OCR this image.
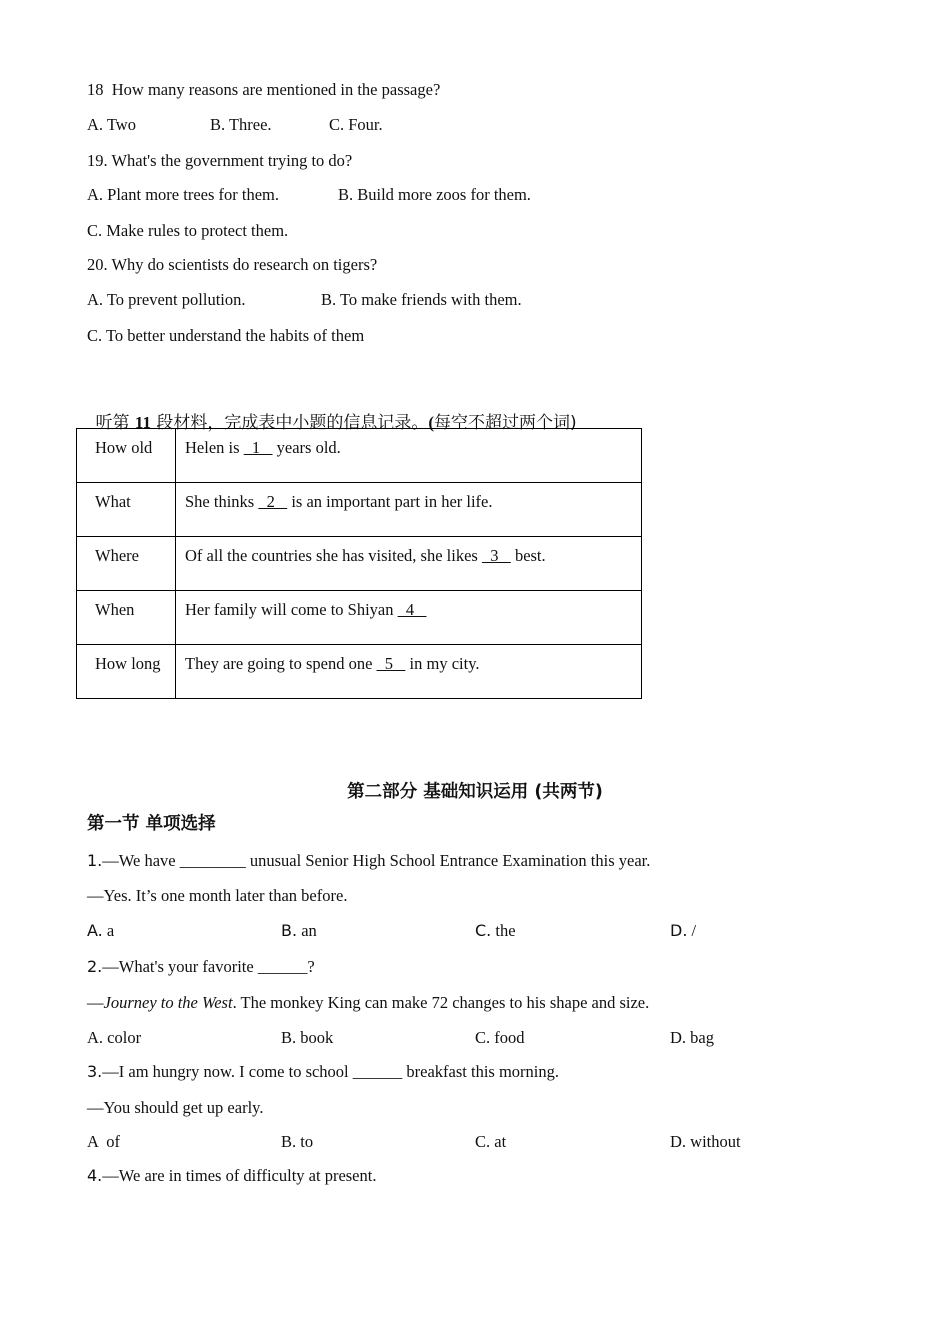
18  How many reasons are mentioned in the passage?
A. Two	B. Three.	C. Four.
19. What's the government trying to do?
A. Plant more trees for them.	B. Build more zoos for them.
C. Make rules to protect them.
20. Why do scientists do research on tigers?
A. To prevent pollution.	B. To make friends with them.
C. To better understand the habits of them

听第 11 段材料，完成表中小题的信息记录。(每空不超过两个词)

How old	Helen is   1    years old.
What	She thinks   2    is an important part in her life.
Where	Of all the countries she has visited, she likes   3    best.
When	Her family will come to Shiyan   4
How long	They are going to spend one   5    in my city.
第二部分 基础知识运用 (共两节)
第一节 单项选择
1.—We have ________ unusual Senior High School Entrance Examination this year.
—Yes. It’s one month later than before.
A. a	B. an	C. the	D. /
2.—What's your favorite ______?
—Journey to the West. The monkey King can make 72 changes to his shape and size.
A. color	B. book	C. food	D. bag
3.—I am hungry now. I come to school ______ breakfast this morning.
—You should get up early.
A  of	B. to	C. at	D. without
4.—We are in times of difficulty at present.
